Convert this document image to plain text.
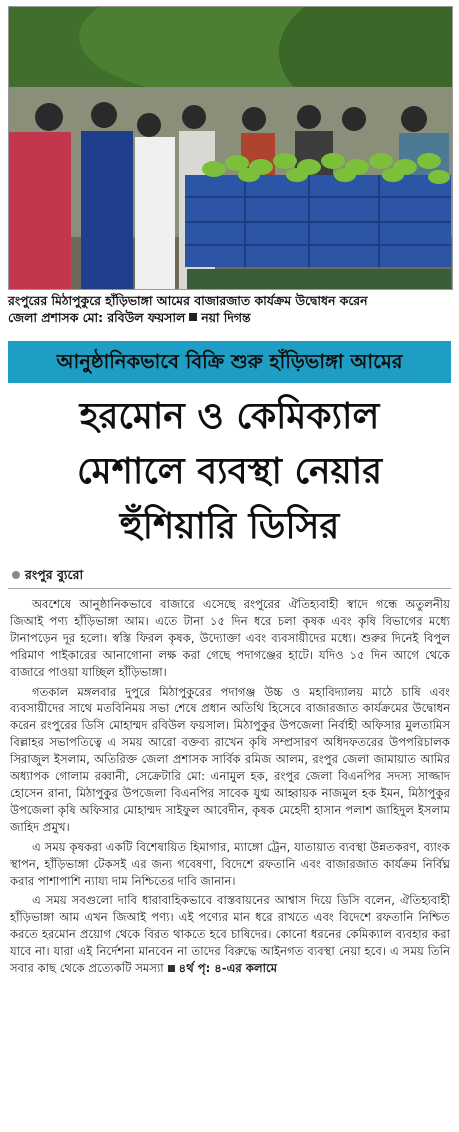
রংপুরের মিঠাপুকুরে হাঁড়িভাঙ্গা আমের বাজারজাত কার্যক্রম উদ্বোধন করেন
জেলা প্রশাসক মো: রবিউল ফয়সাল নয়া দিগন্ত
আনুষ্ঠানিকভাবে বিক্রি শুরু হাঁড়িভাঙ্গা আমের
হরমোন ও কেমিক্যাল
মেশালে ব্যবস্থা নেয়ার
হুঁশিয়ারি ডিসির
রংপুর ব্যুরো

অবশেষে আনুষ্ঠানিকভাবে বাজারে এসেছে রংপুরের ঐতিহ্যবাহী স্বাদে গন্ধে অতুলনীয় জিআই পণ্য হাঁড়িভাঙ্গা আম। এতে টানা ১৫ দিন ধরে চলা কৃষক এবং কৃষি বিভাগের মধ্যে টানাপড়েন দূর হলো। স্বস্তি ফিরল কৃষক, উদ্যোক্তা এবং ব্যবসায়ীদের মধ্যে। শুরুর দিনেই বিপুল পরিমাণ পাইকারের আনাগোনা লক্ষ করা গেছে পদাগঞ্জের হাটে। যদিও ১৫ দিন আগে থেকে বাজারে পাওয়া যাচ্ছিল হাঁড়িভাঙ্গা।

গতকাল মঙ্গলবার দুপুরে মিঠাপুকুরের পদাগঞ্জ উচ্চ ও মহাবিদ্যালয় মাঠে চাষি এবং ব্যবসায়ীদের সাথে মতবিনিময় সভা শেষে প্রধান অতিথি হিসেবে বাজারজাত কার্যক্রমের উদ্বোধন করেন রংপুরের ডিসি মোহাম্মদ রবিউল ফয়সাল। মিঠাপুকুর উপজেলা নির্বাহী অফিসার মুলতামিস বিল্লাহর সভাপতিত্বে এ সময় আরো বক্তব্য রাখেন কৃষি সম্প্রসারণ অধিদফতরের উপপরিচালক সিরাজুল ইসলাম, অতিরিক্ত জেলা প্রশাসক সার্বিক রমিজ আলম, রংপুর জেলা জামায়াত আমির অধ্যাপক গোলাম রব্বানী, সেক্রেটারি মো: এনামুল হক, রংপুর জেলা বিএনপির সদস্য সাজ্জাদ হোসেন রানা, মিঠাপুকুর উপজেলা বিএনপির সাবেক যুগ্ম আহ্বায়ক নাজমুল হক ইমন, মিঠাপুকুর উপজেলা কৃষি অফিসার মোহাম্মদ সাইফুল আবেদীন, কৃষক মেহেদী হাসান পলাশ জাহিদুল ইসলাম জাহিদ প্রমুখ।

এ সময় কৃষকরা একটি বিশেষায়িত হিমাগার, ম্যাঙ্গো ট্রেন, যাতায়াত ব্যবস্থা উন্নতকরণ, ব্যাংক স্থাপন, হাঁড়িভাঙ্গা টেকসই এর জন্য গবেষণা, বিদেশে রফতানি এবং বাজারজাত কার্যক্রম নির্বিঘ্ন করার পাশাপাশি ন্যায্য দাম নিশ্চিতের দাবি জানান।

এ সময় সবগুলো দাবি ধারাবাহিকভাবে বাস্তবায়নের আশ্বাস দিয়ে ডিসি বলেন, ঐতিহ্যবাহী হাঁড়িভাঙ্গা আম এখন জিআই পণ্য। এই পণ্যের মান ধরে রাখতে এবং বিদেশে রফতানি নিশ্চিত করতে হরমোন প্রয়োগ থেকে বিরত থাকতে হবে চাষিদের। কোনো ধরনের কেমিক্যাল ব্যবহার করা যাবে না। যারা এই নির্দেশনা মানবেন না তাদের বিরুদ্ধে আইনগত ব্যবস্থা নেয়া হবে। এ সময় তিনি সবার কাছ থেকে প্রত্যেকটি সমস্যা ৪র্থ পৃ: ৪-এর কলামে
